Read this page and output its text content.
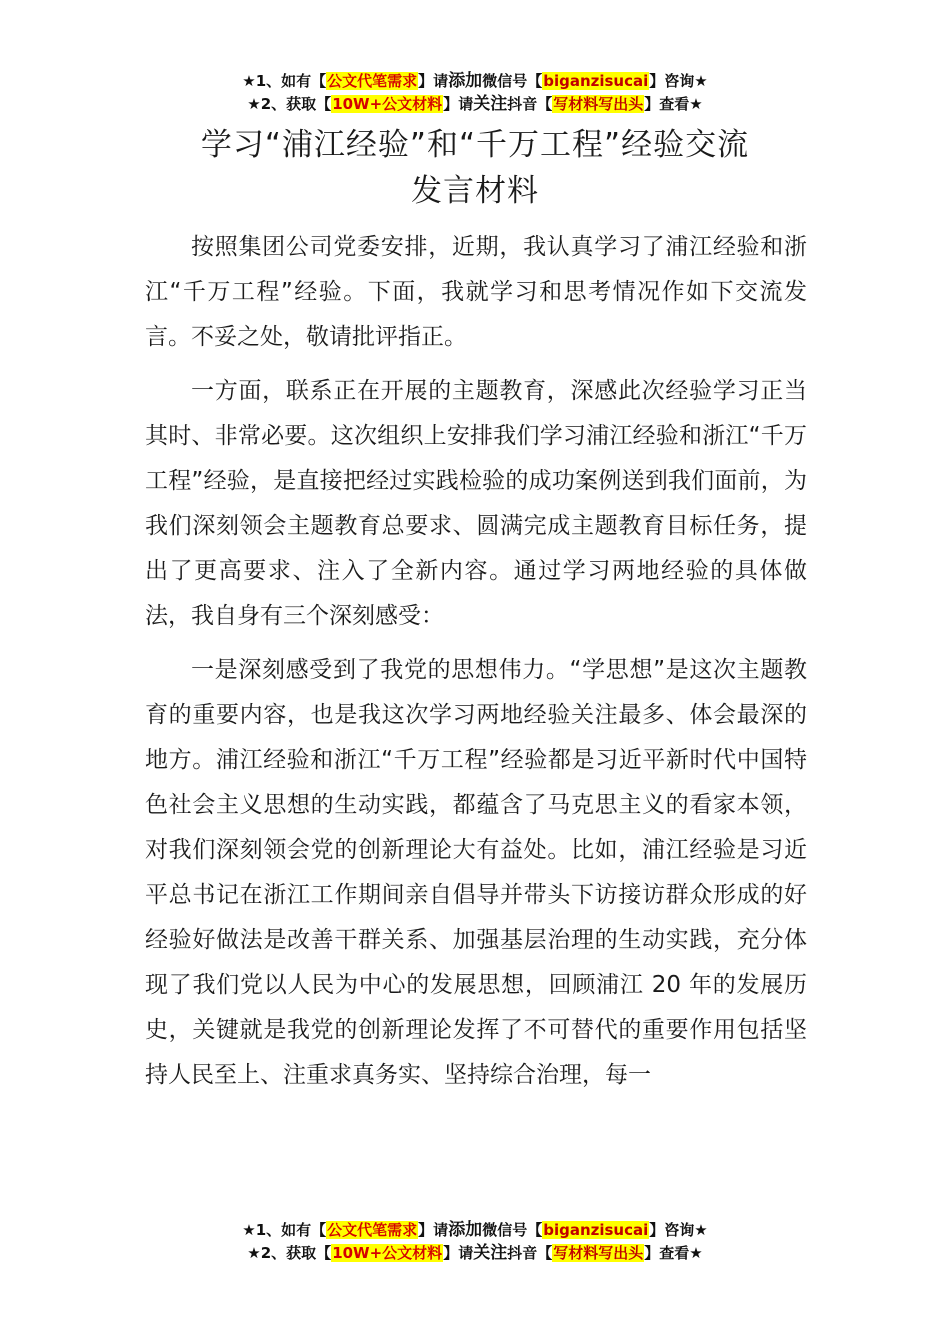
★1、如有【公文代笔需求】请添加微信号【biganzisucai】咨询★
★2、获取【10W+公文材料】请关注抖音【写材料写出头】查看★
学习“浦江经验”和“千万工程”经验交流
发言材料

按照集团公司党委安排，近期，我认真学习了浦江经验和浙江“千万工程”经验。下面，我就学习和思考情况作如下交流发言。不妥之处，敬请批评指正。

一方面，联系正在开展的主题教育，深感此次经验学习正当其时、非常必要。这次组织上安排我们学习浦江经验和浙江“千万工程”经验，是直接把经过实践检验的成功案例送到我们面前，为我们深刻领会主题教育总要求、圆满完成主题教育目标任务，提出了更高要求、注入了全新内容。通过学习两地经验的具体做法，我自身有三个深刻感受：

一是深刻感受到了我党的思想伟力。“学思想”是这次主题教育的重要内容，也是我这次学习两地经验关注最多、体会最深的地方。浦江经验和浙江“千万工程”经验都是习近平新时代中国特色社会主义思想的生动实践，都蕴含了马克思主义的看家本领，对我们深刻领会党的创新理论大有益处。比如，浦江经验是习近平总书记在浙江工作期间亲自倡导并带头下访接访群众形成的好经验好做法是改善干群关系、加强基层治理的生动实践，充分体现了我们党以人民为中心的发展思想，回顾浦江 20 年的发展历史，关键就是我党的创新理论发挥了不可替代的重要作用包括坚持人民至上、注重求真务实、坚持综合治理，每一

★1、如有【公文代笔需求】请添加微信号【biganzisucai】咨询★
★2、获取【10W+公文材料】请关注抖音【写材料写出头】查看★
